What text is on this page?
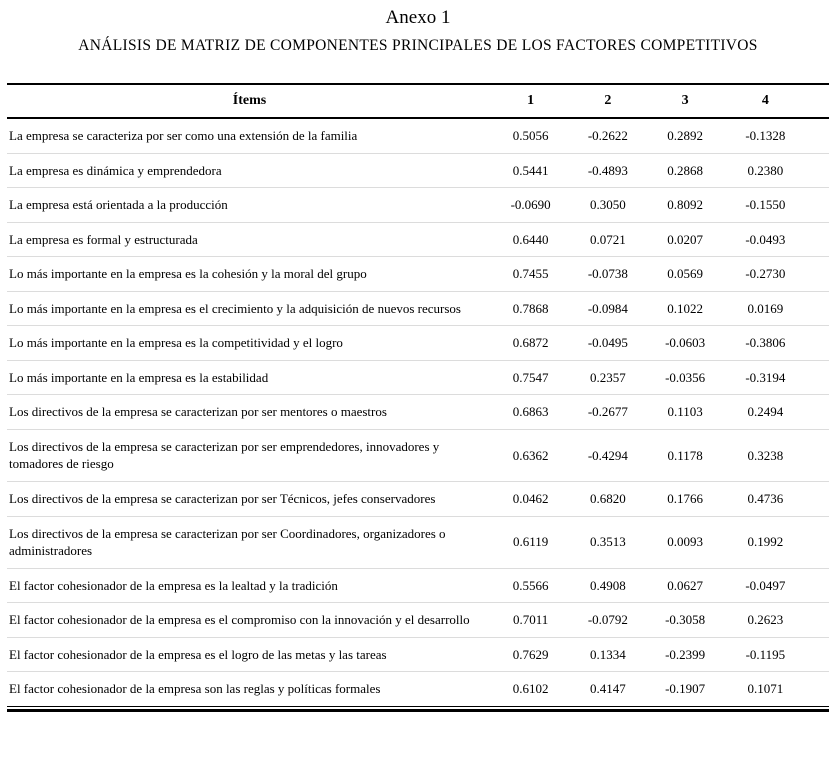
Anexo 1
ANÁLISIS DE MATRIZ DE COMPONENTES PRINCIPALES DE LOS FACTORES COMPETITIVOS
Ítems	1	2	3	4
La empresa se caracteriza por ser como una extensión de la familia	0.5056	-0.2622	0.2892	-0.1328
La empresa es dinámica y emprendedora	0.5441	-0.4893	0.2868	0.2380
La empresa está orientada a la producción	-0.0690	0.3050	0.8092	-0.1550
La empresa es formal y estructurada	0.6440	0.0721	0.0207	-0.0493
Lo más importante en la empresa es la cohesión y la moral del grupo	0.7455	-0.0738	0.0569	-0.2730
Lo más importante en la empresa es el crecimiento y la adquisición de nuevos recursos	0.7868	-0.0984	0.1022	0.0169
Lo más importante en la empresa es la competitividad y el logro	0.6872	-0.0495	-0.0603	-0.3806
Lo más importante en la empresa es la estabilidad	0.7547	0.2357	-0.0356	-0.3194
Los directivos de la empresa se caracterizan por ser mentores o maestros	0.6863	-0.2677	0.1103	0.2494
Los directivos de la empresa se caracterizan por ser emprendedores, innovadores y tomadores de riesgo	0.6362	-0.4294	0.1178	0.3238
Los directivos de la empresa se caracterizan por ser Técnicos, jefes conservadores	0.0462	0.6820	0.1766	0.4736
Los directivos de la empresa se caracterizan por ser Coordinadores, organizadores o administradores	0.6119	0.3513	0.0093	0.1992
El factor cohesionador de la empresa es la lealtad y la tradición	0.5566	0.4908	0.0627	-0.0497
El factor cohesionador de la empresa es el compromiso con la innovación y el desarrollo	0.7011	-0.0792	-0.3058	0.2623
El factor cohesionador de la empresa es el logro de las metas y las tareas	0.7629	0.1334	-0.2399	-0.1195
El factor cohesionador de la empresa son las reglas y políticas formales	0.6102	0.4147	-0.1907	0.1071
